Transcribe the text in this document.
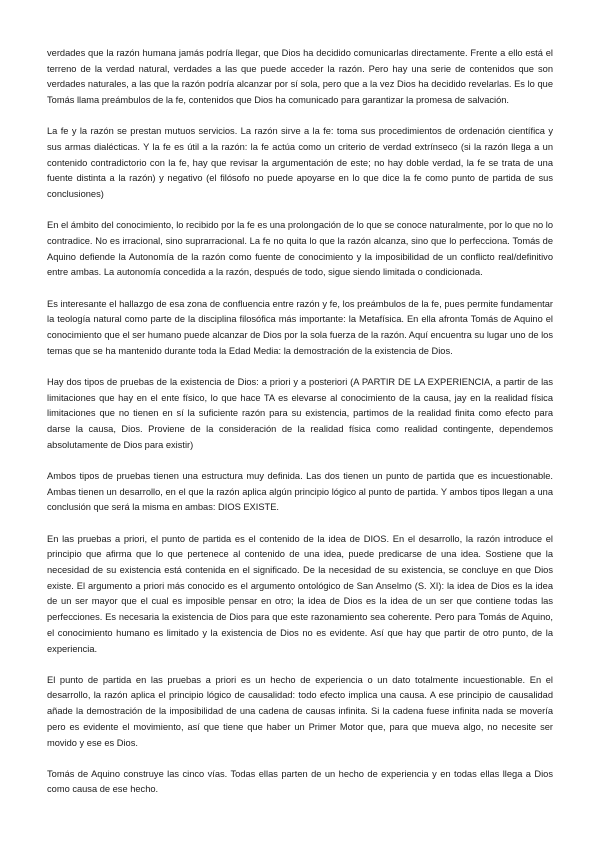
verdades que la razón humana jamás podría llegar, que Dios ha decidido comunicarlas directamente. Frente a ello está el terreno de la verdad natural, verdades a las que puede acceder la razón. Pero hay una serie de contenidos que son verdades naturales, a las que la razón podría alcanzar por sí sola, pero que a la vez Dios ha decidido revelarlas. Es lo que Tomás llama preámbulos de la fe, contenidos que Dios ha comunicado para garantizar la promesa de salvación.

La fe y la razón se prestan mutuos servicios. La razón sirve a la fe: toma sus procedimientos de ordenación científica y sus armas dialécticas. Y la fe es útil a la razón: la fe actúa como un criterio de verdad extrínseco (si la razón llega a un contenido contradictorio con la fe, hay que revisar la argumentación de este; no hay doble verdad, la fe se trata de una fuente distinta a la razón) y negativo (el filósofo no puede apoyarse en lo que dice la fe como punto de partida de sus conclusiones)

En el ámbito del conocimiento, lo recibido por la fe es una prolongación de lo que se conoce naturalmente, por lo que no lo contradice. No es irracional, sino suprarracional. La fe no quita lo que la razón alcanza, sino que lo perfecciona. Tomás de Aquino defiende la Autonomía de la razón como fuente de conocimiento y la imposibilidad de un conflicto real/definitivo entre ambas. La autonomía concedida a la razón, después de todo, sigue siendo limitada o condicionada.

Es interesante el hallazgo de esa zona de confluencia entre razón y fe, los preámbulos de la fe, pues permite fundamentar la teología natural como parte de la disciplina filosófica más importante: la Metafísica. En ella afronta Tomás de Aquino el conocimiento que el ser humano puede alcanzar de Dios por la sola fuerza de la razón. Aquí encuentra su lugar uno de los temas que se ha mantenido durante toda la Edad Media: la demostración de la existencia de Dios.

Hay dos tipos de pruebas de la existencia de Dios: a priori y a posteriori (A PARTIR DE LA EXPERIENCIA, a partir de las limitaciones que hay en el ente físico, lo que hace TA es elevarse al conocimiento de la causa, jay en la realidad física limitaciones que no tienen en sí la suficiente razón para su existencia, partimos de la realidad finita como efecto para darse la causa, Dios. Proviene de la consideración de la realidad física como realidad contingente, dependemos absolutamente de Dios para existir)

Ambos tipos de pruebas tienen una estructura muy definida. Las dos tienen un punto de partida que es incuestionable. Ambas tienen un desarrollo, en el que la razón aplica algún principio lógico al punto de partida. Y ambos tipos llegan a una conclusión que será la misma en ambas: DIOS EXISTE.

En las pruebas a priori, el punto de partida es el contenido de la idea de DIOS. En el desarrollo, la razón introduce el principio que afirma que lo que pertenece al contenido de una idea, puede predicarse de una idea. Sostiene que la necesidad de su existencia está contenida en el significado. De la necesidad de su existencia, se concluye en que Dios existe. El argumento a priori más conocido es el argumento ontológico de San Anselmo (S. XI): la idea de Dios es la idea de un ser mayor que el cual es imposible pensar en otro; la idea de Dios es la idea de un ser que contiene todas las perfecciones. Es necesaria la existencia de Dios para que este razonamiento sea coherente. Pero para Tomás de Aquino, el conocimiento humano es limitado y la existencia de Dios no es evidente. Así que hay que partir de otro punto, de la experiencia.

El punto de partida en las pruebas a priori es un hecho de experiencia o un dato totalmente incuestionable. En el desarrollo, la razón aplica el principio lógico de causalidad: todo efecto implica una causa. A ese principio de causalidad añade la demostración de la imposibilidad de una cadena de causas infinita. Si la cadena fuese infinita nada se movería pero es evidente el movimiento, así que tiene que haber un Primer Motor que, para que mueva algo, no necesite ser movido y ese es Dios.

Tomás de Aquino construye las cinco vías. Todas ellas parten de un hecho de experiencia y en todas ellas llega a Dios como causa de ese hecho.
